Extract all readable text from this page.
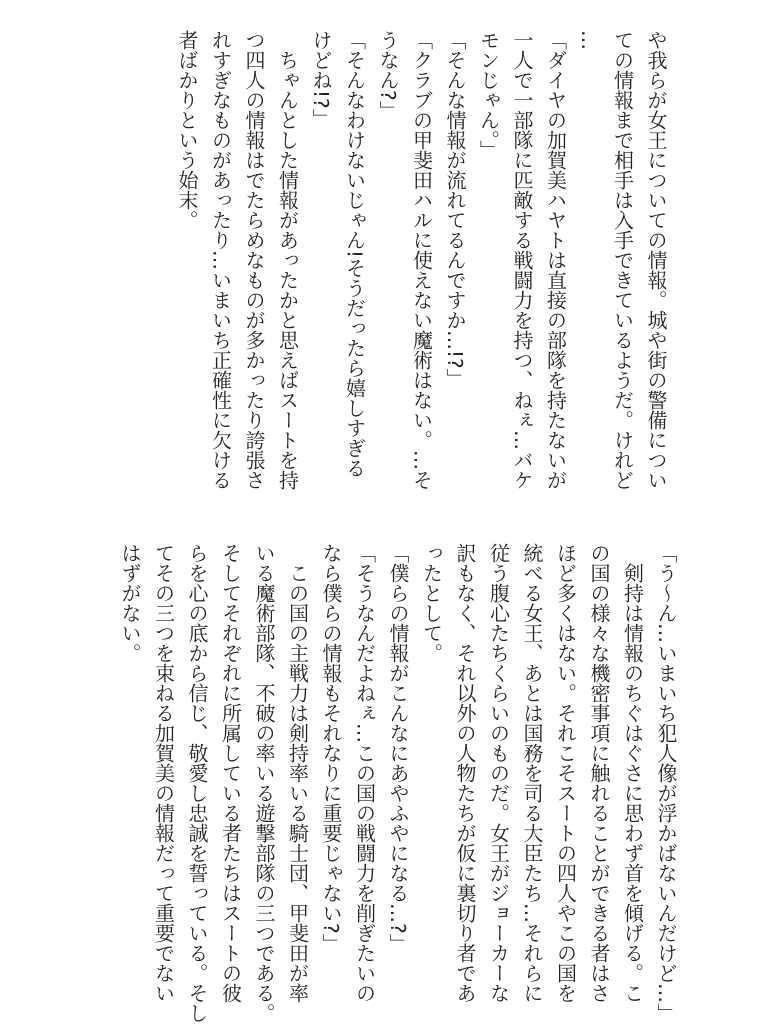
や我らが女王についての情報。城や街の警備につい
ての情報まで相手は入手できているようだ。けれど
…
「ダイヤの加賀美ハヤトは直接の部隊を持たないが
一人で一部隊に匹敵する戦闘力を持つ、ねぇ…バケ
モンじゃん。」
「そんな情報が流れてるんですか…!?」
「クラブの甲斐田ハルに使えない魔術はない。…そ
うなん?」
「そんなわけないじゃん!そうだったら嬉しすぎる
けどね!?」
　ちゃんとした情報があったかと思えばスートを持
つ四人の情報はでたらめなものが多かったり誇張さ
れすぎなものがあったり…いまいち正確性に欠ける
者ばかりという始末。
「う〜ん…いまいち犯人像が浮かばないんだけど…」
　剣持は情報のちぐはぐさに思わず首を傾げる。こ
の国の様々な機密事項に触れることができる者はさ
ほど多くはない。それこそスートの四人やこの国を
統べる女王、あとは国務を司る大臣たち…それらに
従う腹心たちくらいのものだ。女王がジョーカーな
訳もなく、それ以外の人物たちが仮に裏切り者であ
ったとして。
「僕らの情報がこんなにあやふやになる…?」
「そうなんだよねぇ…この国の戦闘力を削ぎたいの
なら僕らの情報もそれなりに重要じゃない?」
　この国の主戦力は剣持率いる騎士団、甲斐田が率
いる魔術部隊、不破の率いる遊撃部隊の三つである。
そしてそれぞれに所属している者たちはスートの彼
らを心の底から信じ、敬愛し忠誠を誓っている。そし
てその三つを束ねる加賀美の情報だって重要でない
はずがない。
